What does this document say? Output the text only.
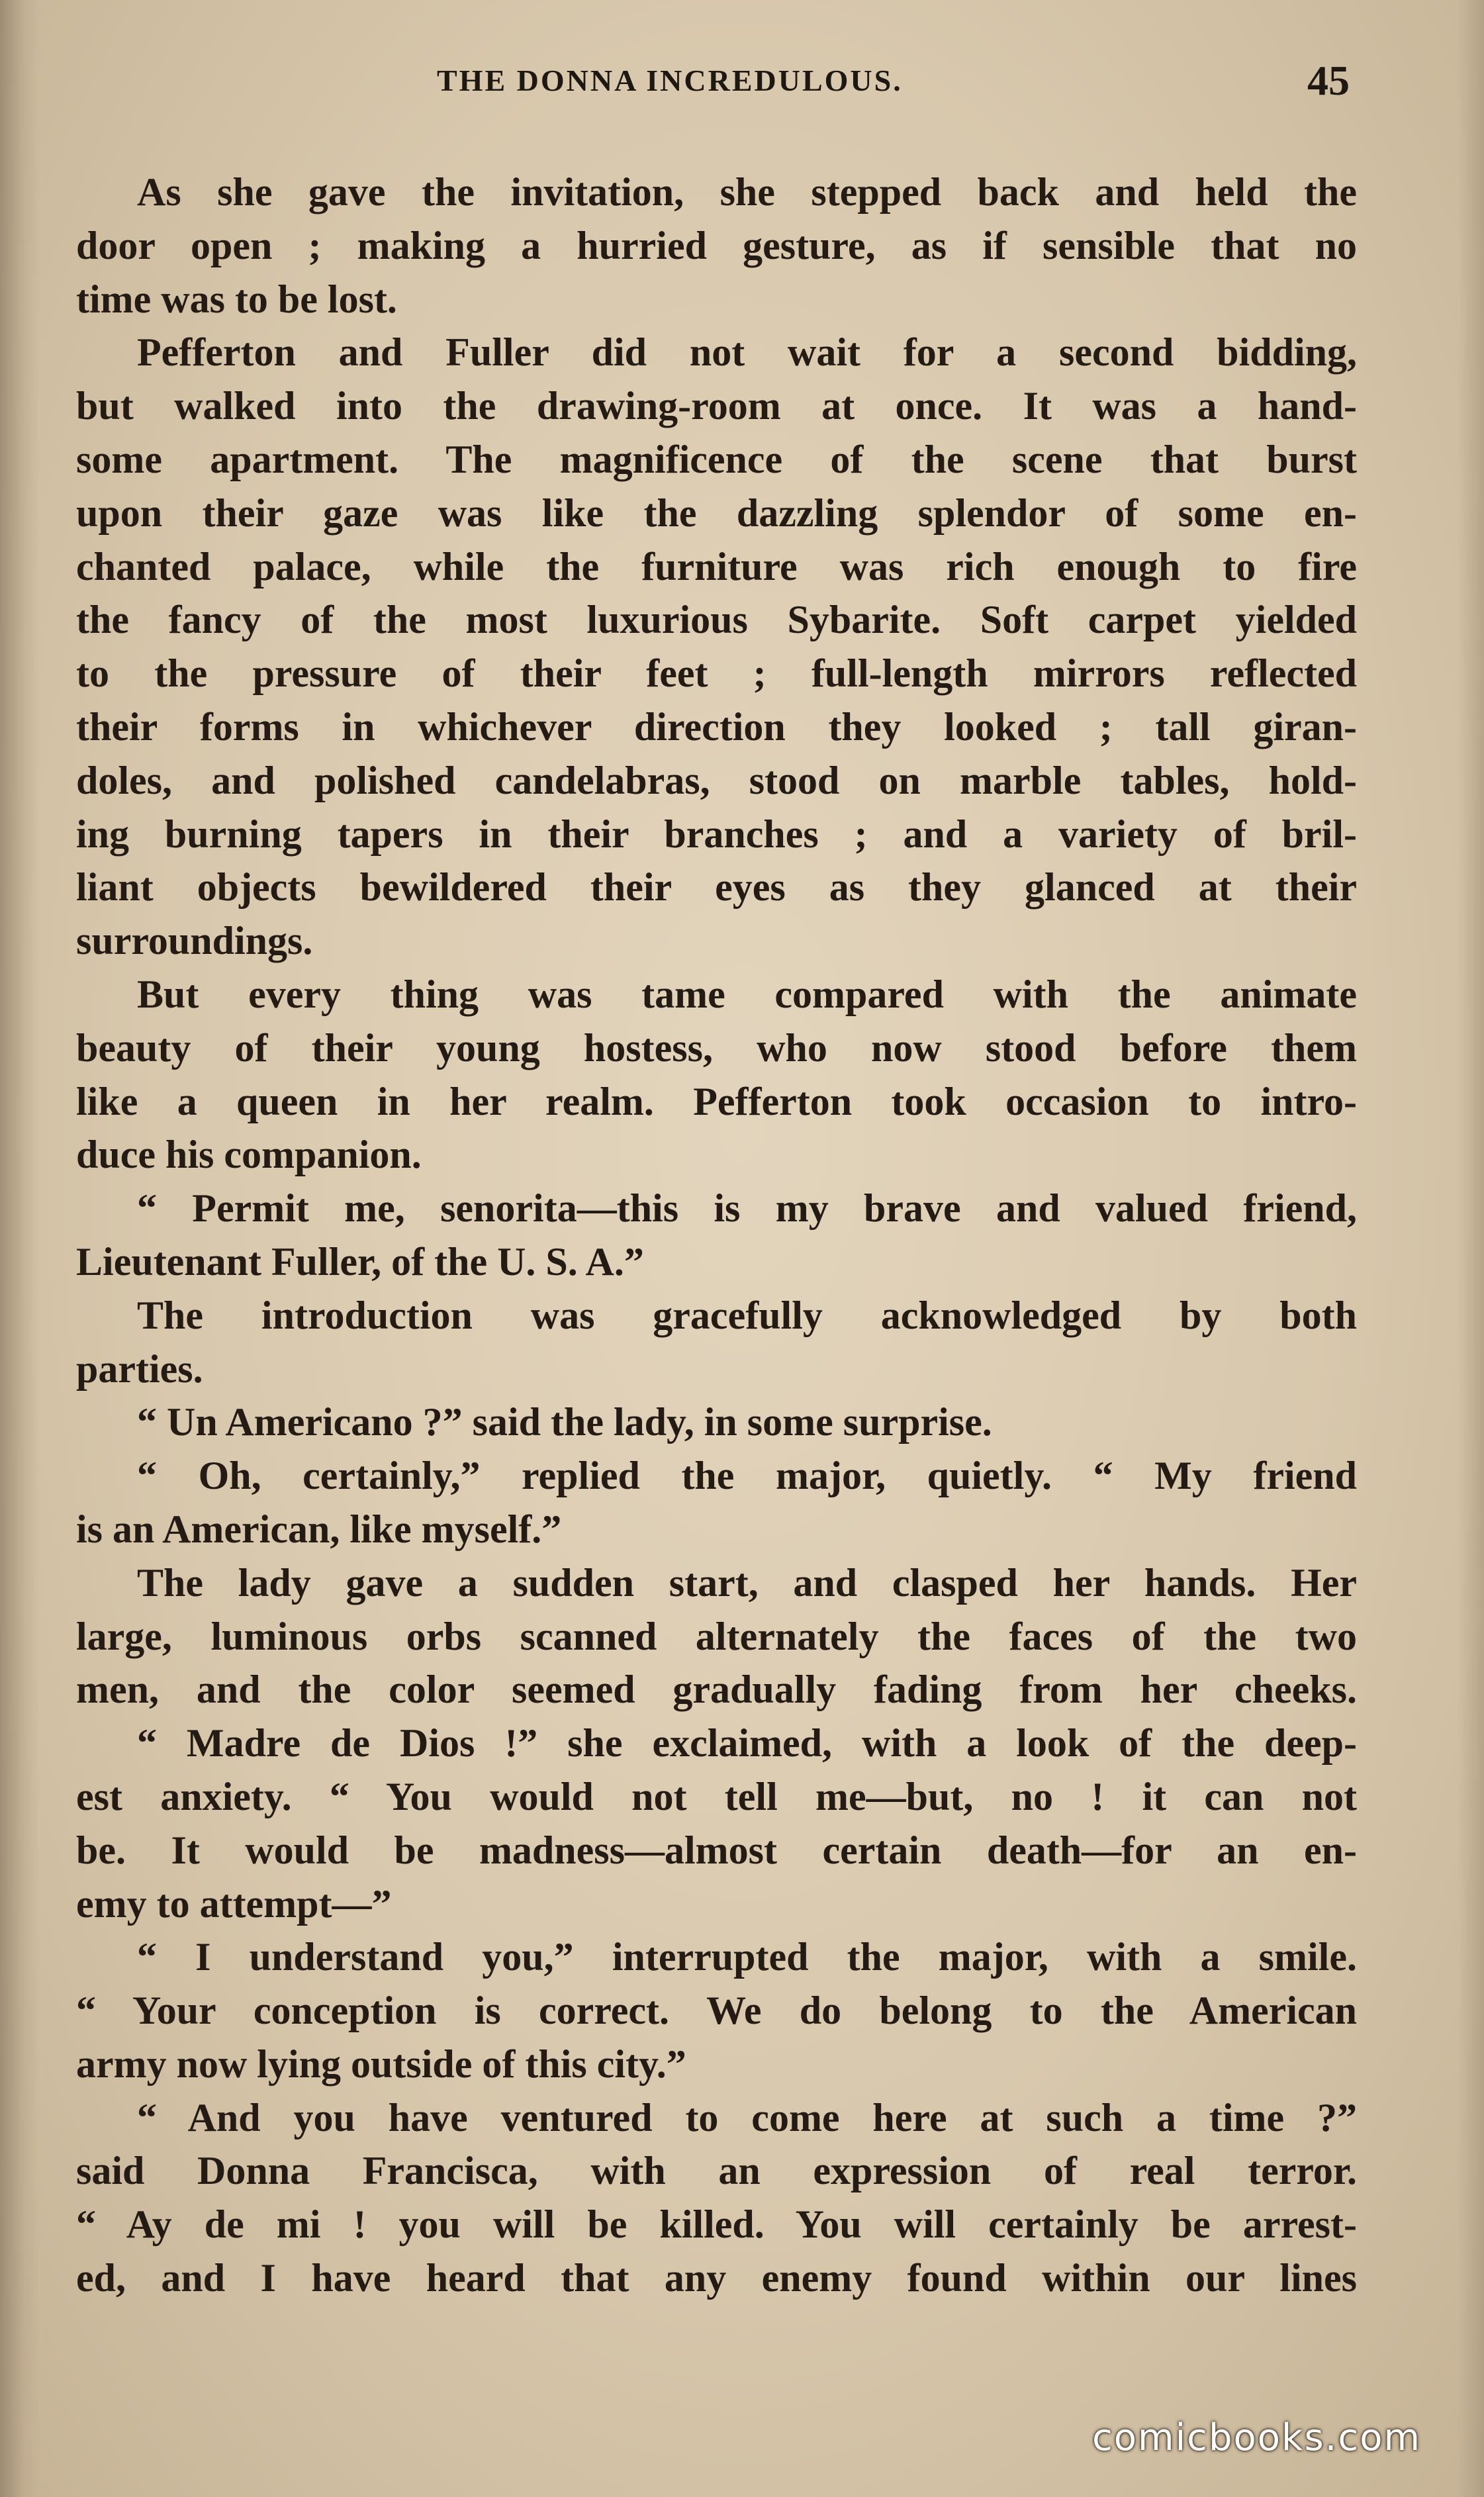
THE DONNA INCREDULOUS.	45
As she gave the invitation, she stepped back and held the
door open ; making a hurried gesture, as if sensible that no
time was to be lost.
Pefferton and Fuller did not wait for a second bidding,
but walked into the drawing-room at once. It was a hand-
some apartment. The magnificence of the scene that burst
upon their gaze was like the dazzling splendor of some en-
chanted palace, while the furniture was rich enough to fire
the fancy of the most luxurious Sybarite. Soft carpet yielded
to the pressure of their feet ; full-length mirrors reflected
their forms in whichever direction they looked ; tall giran-
doles, and polished candelabras, stood on marble tables, hold-
ing burning tapers in their branches ; and a variety of bril-
liant objects bewildered their eyes as they glanced at their
surroundings.
But every thing was tame compared with the animate
beauty of their young hostess, who now stood before them
like a queen in her realm. Pefferton took occasion to intro-
duce his companion.
“ Permit me, senorita—this is my brave and valued friend,
Lieutenant Fuller, of the U. S. A.”
The introduction was gracefully acknowledged by both
parties.
“ Un Americano ?” said the lady, in some surprise.
“ Oh, certainly,” replied the major, quietly. “ My friend
is an American, like myself.”
The lady gave a sudden start, and clasped her hands. Her
large, luminous orbs scanned alternately the faces of the two
men, and the color seemed gradually fading from her cheeks.
“ Madre de Dios !” she exclaimed, with a look of the deep-
est anxiety. “ You would not tell me—but, no ! it can not
be. It would be madness—almost certain death—for an en-
emy to attempt—”
“ I understand you,” interrupted the major, with a smile.
“ Your conception is correct. We do belong to the American
army now lying outside of this city.”
“ And you have ventured to come here at such a time ?”
said Donna Francisca, with an expression of real terror.
“ Ay de mi ! you will be killed. You will certainly be arrest-
ed, and I have heard that any enemy found within our lines
comicbooks.com
